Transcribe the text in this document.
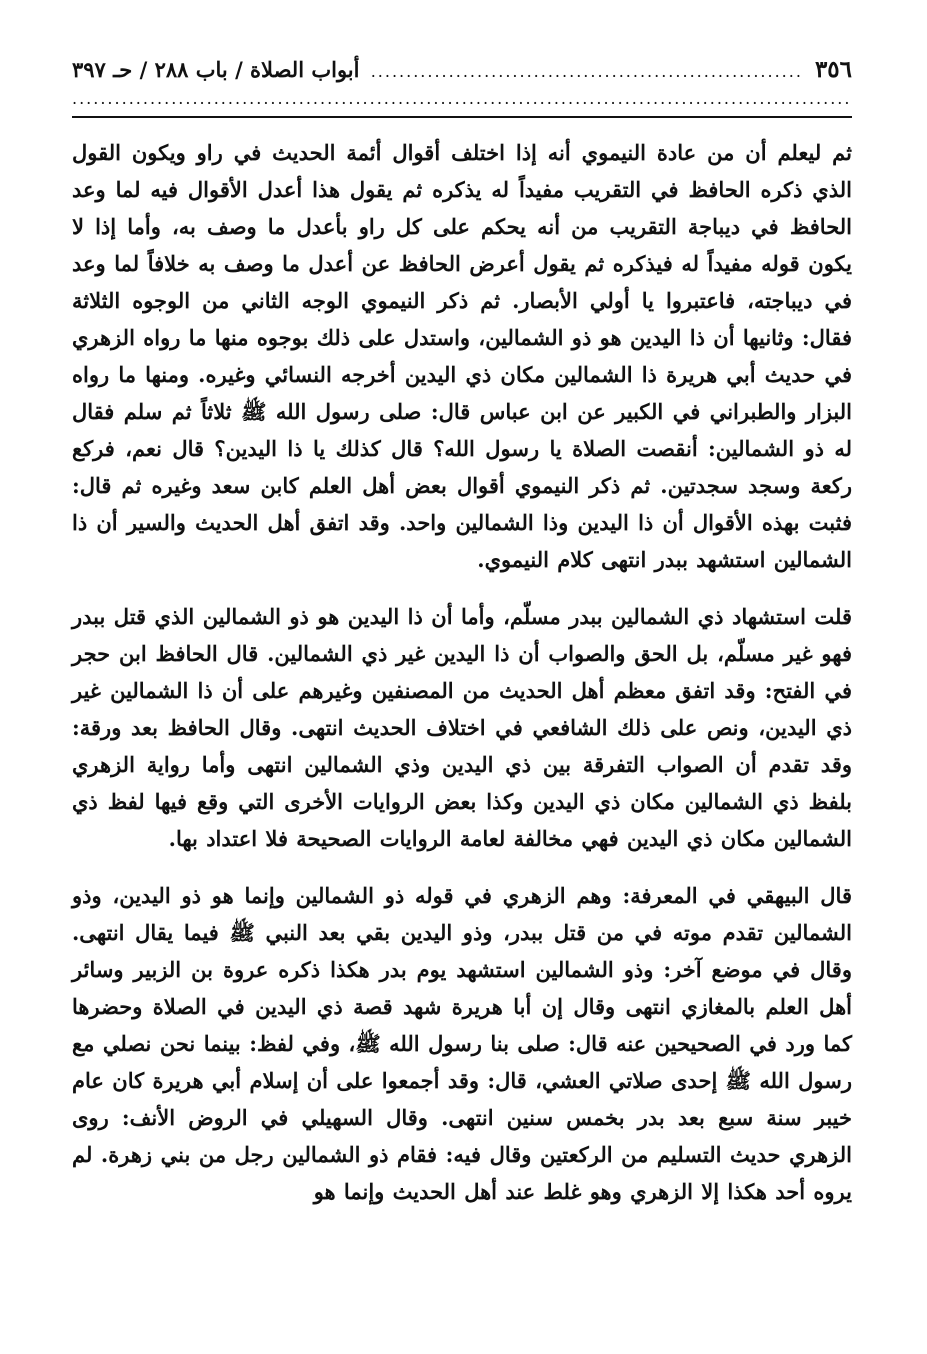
٣٥٦
.....
أبواب الصلاة / باب ٢٨٨ / حـ ٣٩٧
.....

ثم ليعلم أن من عادة النيموي أنه إذا اختلف أقوال أئمة الحديث في راو ويكون القول الذي ذكره الحافظ في التقريب مفيداً له يذكره ثم يقول هذا أعدل الأقوال فيه لما وعد الحافظ في ديباجة التقريب من أنه يحكم على كل راو بأعدل ما وصف به، وأما إذا لا يكون قوله مفيداً له فيذكره ثم يقول أعرض الحافظ عن أعدل ما وصف به خلافاً لما وعد في ديباجته، فاعتبروا يا أولي الأبصار. ثم ذكر النيموي الوجه الثاني من الوجوه الثلاثة فقال: وثانيها أن ذا اليدين هو ذو الشمالين، واستدل على ذلك بوجوه منها ما رواه الزهري في حديث أبي هريرة ذا الشمالين مكان ذي اليدين أخرجه النسائي وغيره. ومنها ما رواه البزار والطبراني في الكبير عن ابن عباس قال: صلى رسول الله ﷺ ثلاثاً ثم سلم فقال له ذو الشمالين: أنقصت الصلاة يا رسول الله؟ قال كذلك يا ذا اليدين؟ قال نعم، فركع ركعة وسجد سجدتين. ثم ذكر النيموي أقوال بعض أهل العلم كابن سعد وغيره ثم قال: فثبت بهذه الأقوال أن ذا اليدين وذا الشمالين واحد. وقد اتفق أهل الحديث والسير أن ذا الشمالين استشهد ببدر انتهى كلام النيموي.

قلت استشهاد ذي الشمالين ببدر مسلّم، وأما أن ذا اليدين هو ذو الشمالين الذي قتل ببدر فهو غير مسلّم، بل الحق والصواب أن ذا اليدين غير ذي الشمالين. قال الحافظ ابن حجر في الفتح: وقد اتفق معظم أهل الحديث من المصنفين وغيرهم على أن ذا الشمالين غير ذي اليدين، ونص على ذلك الشافعي في اختلاف الحديث انتهى. وقال الحافظ بعد ورقة: وقد تقدم أن الصواب التفرقة بين ذي اليدين وذي الشمالين انتهى وأما رواية الزهري بلفظ ذي الشمالين مكان ذي اليدين وكذا بعض الروايات الأخرى التي وقع فيها لفظ ذي الشمالين مكان ذي اليدين فهي مخالفة لعامة الروايات الصحيحة فلا اعتداد بها.

قال البيهقي في المعرفة: وهم الزهري في قوله ذو الشمالين وإنما هو ذو اليدين، وذو الشمالين تقدم موته في من قتل ببدر، وذو اليدين بقي بعد النبي ﷺ فيما يقال انتهى. وقال في موضع آخر: وذو الشمالين استشهد يوم بدر هكذا ذكره عروة بن الزبير وسائر أهل العلم بالمغازي انتهى وقال إن أبا هريرة شهد قصة ذي اليدين في الصلاة وحضرها كما ورد في الصحيحين عنه قال: صلى بنا رسول الله ﷺ، وفي لفظ: بينما نحن نصلي مع رسول الله ﷺ إحدى صلاتي العشي، قال: وقد أجمعوا على أن إسلام أبي هريرة كان عام خيبر سنة سبع بعد بدر بخمس سنين انتهى. وقال السهيلي في الروض الأنف: روى الزهري حديث التسليم من الركعتين وقال فيه: فقام ذو الشمالين رجل من بني زهرة. لم يروه أحد هكذا إلا الزهري وهو غلط عند أهل الحديث وإنما هو
